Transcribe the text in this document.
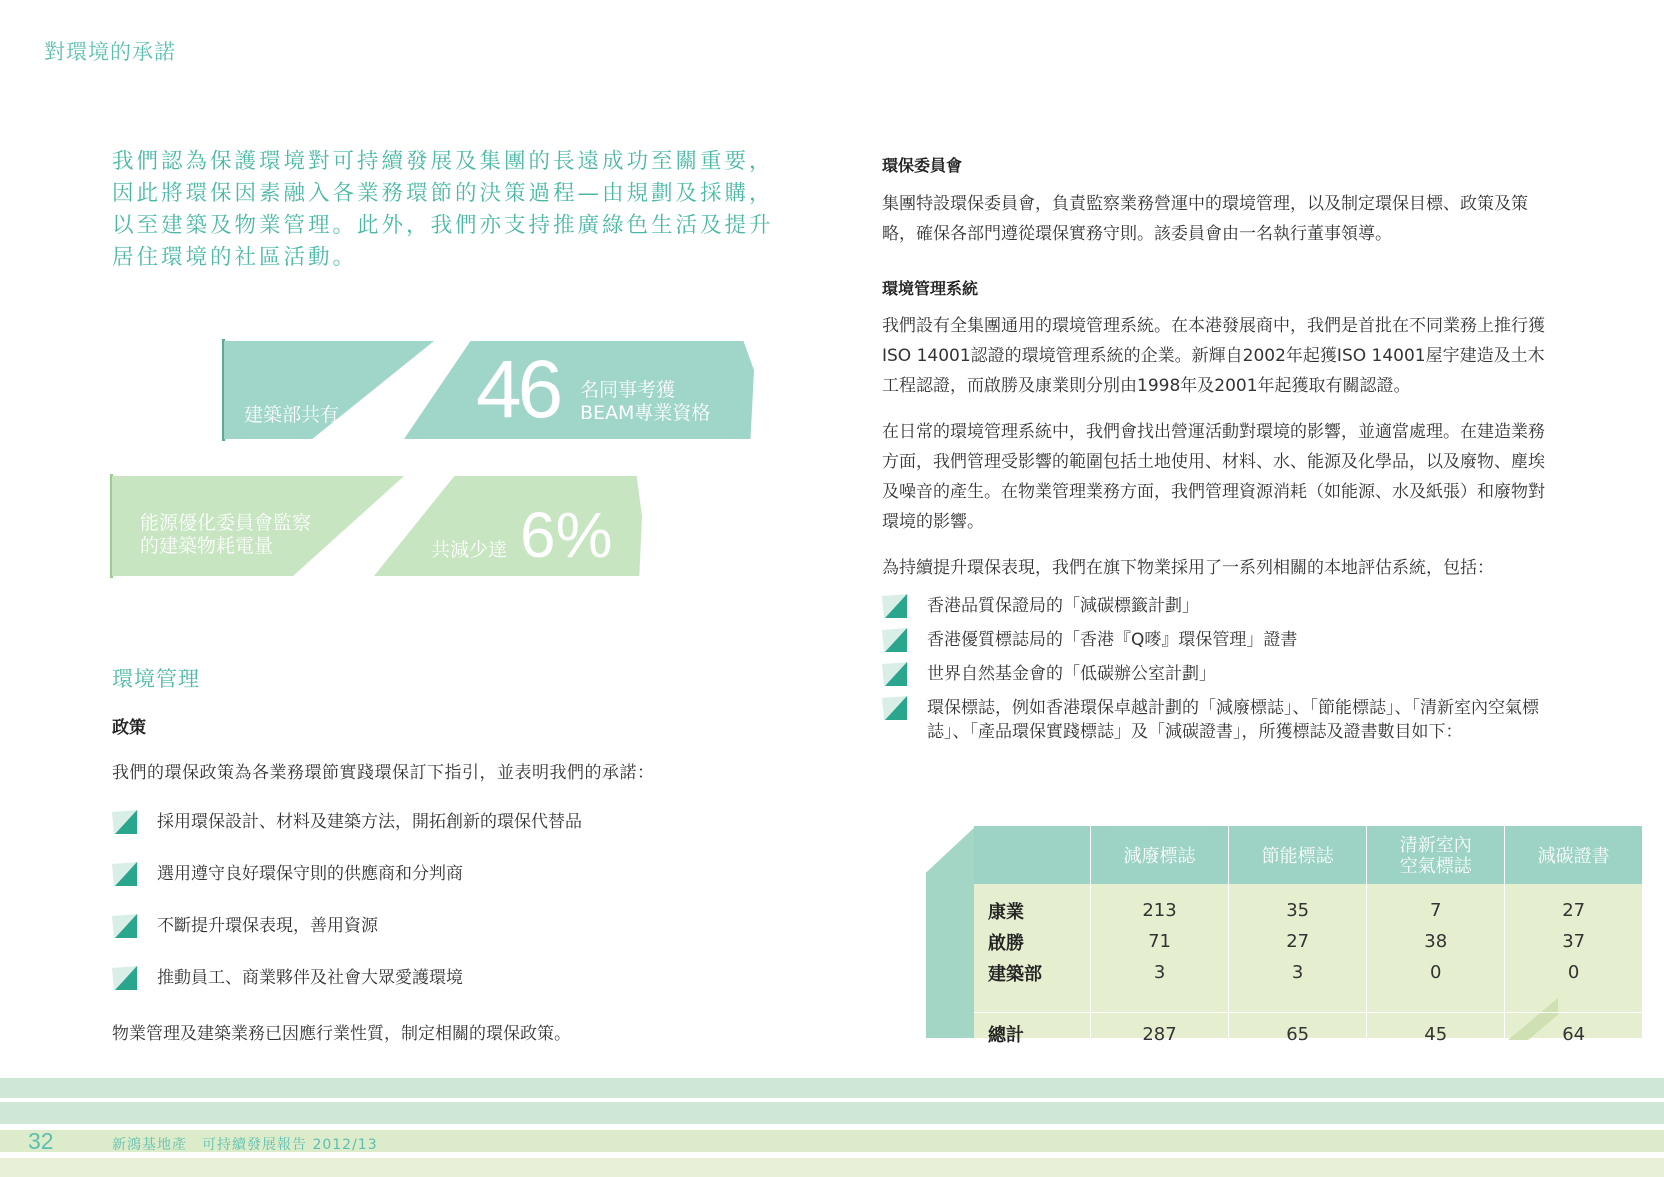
對環境的承諾
我們認為保護環境對可持續發展及集團的長遠成功至關重要，因此將環保因素融入各業務環節的決策過程—由規劃及採購，以至建築及物業管理。此外，我們亦支持推廣綠色生活及提升居住環境的社區活動。
建築部共有 46 名同事考獲
BEAM專業資格
能源優化委員會監察
的建築物耗電量	共減少達 6%
環境管理
政策
我們的環保政策為各業務環節實踐環保訂下指引，並表明我們的承諾：
採用環保設計、材料及建築方法，開拓創新的環保代替品
選用遵守良好環保守則的供應商和分判商
不斷提升環保表現，善用資源
推動員工、商業夥伴及社會大眾愛護環境
物業管理及建築業務已因應行業性質，制定相關的環保政策。
環保委員會
集團特設環保委員會，負責監察業務營運中的環境管理，以及制定環保目標、政策及策略，確保各部門遵從環保實務守則。該委員會由一名執行董事領導。
環境管理系統
我們設有全集團通用的環境管理系統。在本港發展商中，我們是首批在不同業務上推行獲ISO 14001認證的環境管理系統的企業。新輝自2002年起獲ISO 14001屋宇建造及土木工程認證，而啟勝及康業則分別由1998年及2001年起獲取有關認證。
在日常的環境管理系統中，我們會找出營運活動對環境的影響，並適當處理。在建造業務方面，我們管理受影響的範圍包括土地使用、材料、水、能源及化學品，以及廢物、塵埃及噪音的產生。在物業管理業務方面，我們管理資源消耗（如能源、水及紙張）和廢物對環境的影響。
為持續提升環保表現，我們在旗下物業採用了一系列相關的本地評估系統，包括：
香港品質保證局的「減碳標籤計劃」
香港優質標誌局的「香港『Q嘜』環保管理」證書
世界自然基金會的「低碳辦公室計劃」
環保標誌，例如香港環保卓越計劃的「減廢標誌」、「節能標誌」、「清新室內空氣標誌」、「產品環保實踐標誌」及「減碳證書」，所獲標誌及證書數目如下：
	減廢標誌	節能標誌	清新室內
空氣標誌	減碳證書
康業	213	35	7	27
啟勝	71	27	38	37
建築部	3	3	0	0

總計	287	65	45	64
32	新鴻基地產　可持續發展報告 2012/13
